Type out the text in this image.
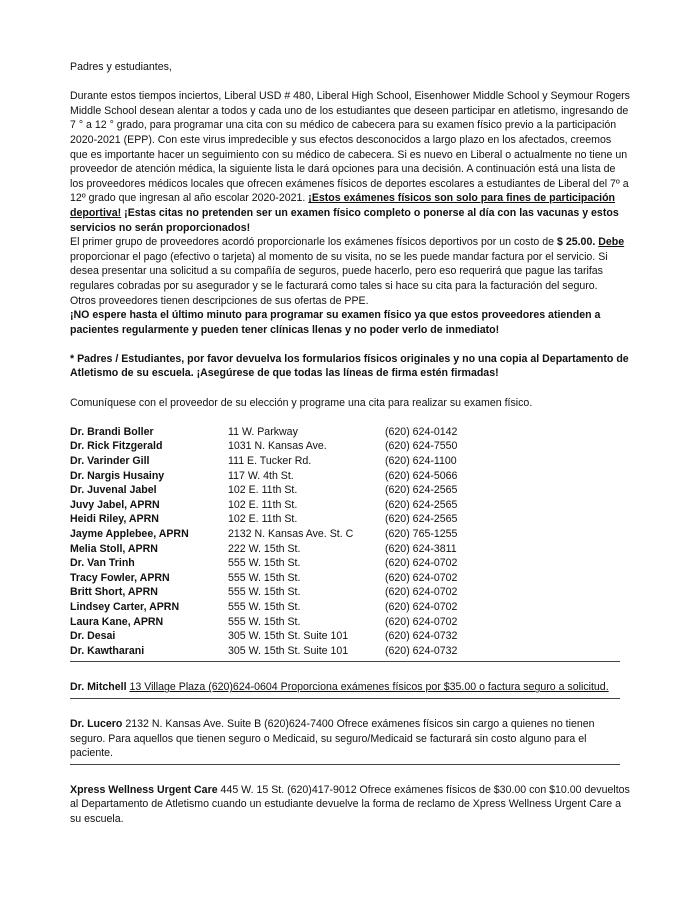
Padres y estudiantes,

Durante estos tiempos inciertos, Liberal USD # 480, Liberal High School, Eisenhower Middle School y Seymour Rogers Middle School desean alentar a todos y cada uno de los estudiantes que deseen participar en atletismo, ingresando de 7 ° a 12 ° grado, para programar una cita con su médico de cabecera para su examen físico previo a la participación 2020-2021 (EPP). Con este virus impredecible y sus efectos desconocidos a largo plazo en los afectados, creemos que es importante hacer un seguimiento con su médico de cabecera. Si es nuevo en Liberal o actualmente no tiene un proveedor de atención médica, la siguiente lista le dará opciones para una decisión. A continuación está una lista de los proveedores médicos locales que ofrecen exámenes físicos de deportes escolares a estudiantes de Liberal del 7º a 12º grado que ingresan al año escolar 2020-2021. ¡Estos exámenes físicos son solo para fines de participación deportiva! ¡Estas citas no pretenden ser un examen físico completo o ponerse al día con las vacunas y estos servicios no serán proporcionados!

El primer grupo de proveedores acordó proporcionarle los exámenes físicos deportivos por un costo de $ 25.00. Debe proporcionar el pago (efectivo o tarjeta) al momento de su visita, no se les puede mandar factura por el servicio. Si desea presentar una solicitud a su compañía de seguros, puede hacerlo, pero eso requerirá que pague las tarifas regulares cobradas por su asegurador y se le facturará como tales si hace su cita para la facturación del seguro.

Otros proveedores tienen descripciones de sus ofertas de PPE.

¡NO espere hasta el último minuto para programar su examen físico ya que estos proveedores atienden a pacientes regularmente y pueden tener clínicas llenas y no poder verlo de inmediato!

* Padres / Estudiantes, por favor devuelva los formularios físicos originales y no una copia al Departamento de Atletismo de su escuela. ¡Asegúrese de que todas las líneas de firma estén firmadas!

Comuníquese con el proveedor de su elección y programe una cita para realizar su examen físico.

Dr. Brandi Boller	11 W. Parkway	(620) 624-0142
Dr. Rick Fitzgerald	1031 N. Kansas Ave.	(620) 624-7550
Dr. Varinder Gill	111 E. Tucker Rd.	(620) 624-1100
Dr. Nargis Husainy	117 W. 4th St.	(620) 624-5066
Dr. Juvenal Jabel	102 E. 11th St.	(620) 624-2565
Juvy Jabel, APRN	102 E. 11th St.	(620) 624-2565
Heidi Riley, APRN	102 E. 11th St.	(620) 624-2565
Jayme Applebee, APRN	2132 N. Kansas Ave. St. C	(620) 765-1255
Melia Stoll, APRN	222 W. 15th St.	(620) 624-3811
Dr. Van Trinh	555 W. 15th St.	(620) 624-0702
Tracy Fowler, APRN	555 W. 15th St.	(620) 624-0702
Britt Short, APRN	555 W. 15th St.	(620) 624-0702
Lindsey Carter, APRN	555 W. 15th St.	(620) 624-0702
Laura Kane, APRN	555 W. 15th St.	(620) 624-0702
Dr. Desai	305 W. 15th St. Suite 101	(620) 624-0732
Dr. Kawtharani	305 W. 15th St. Suite 101	(620) 624-0732

Dr. Mitchell 13 Village Plaza (620)624-0604 Proporciona exámenes físicos por $35.00 o factura seguro a solicitud.

Dr. Lucero 2132 N. Kansas Ave. Suite B (620)624-7400 Ofrece exámenes físicos sin cargo a quienes no tienen seguro. Para aquellos que tienen seguro o Medicaid, su seguro/Medicaid se facturará sin costo alguno para el paciente.

Xpress Wellness Urgent Care 445 W. 15 St. (620)417-9012 Ofrece exámenes físicos de $30.00 con $10.00 devueltos al Departamento de Atletismo cuando un estudiante devuelve la forma de reclamo de Xpress Wellness Urgent Care a su escuela.
